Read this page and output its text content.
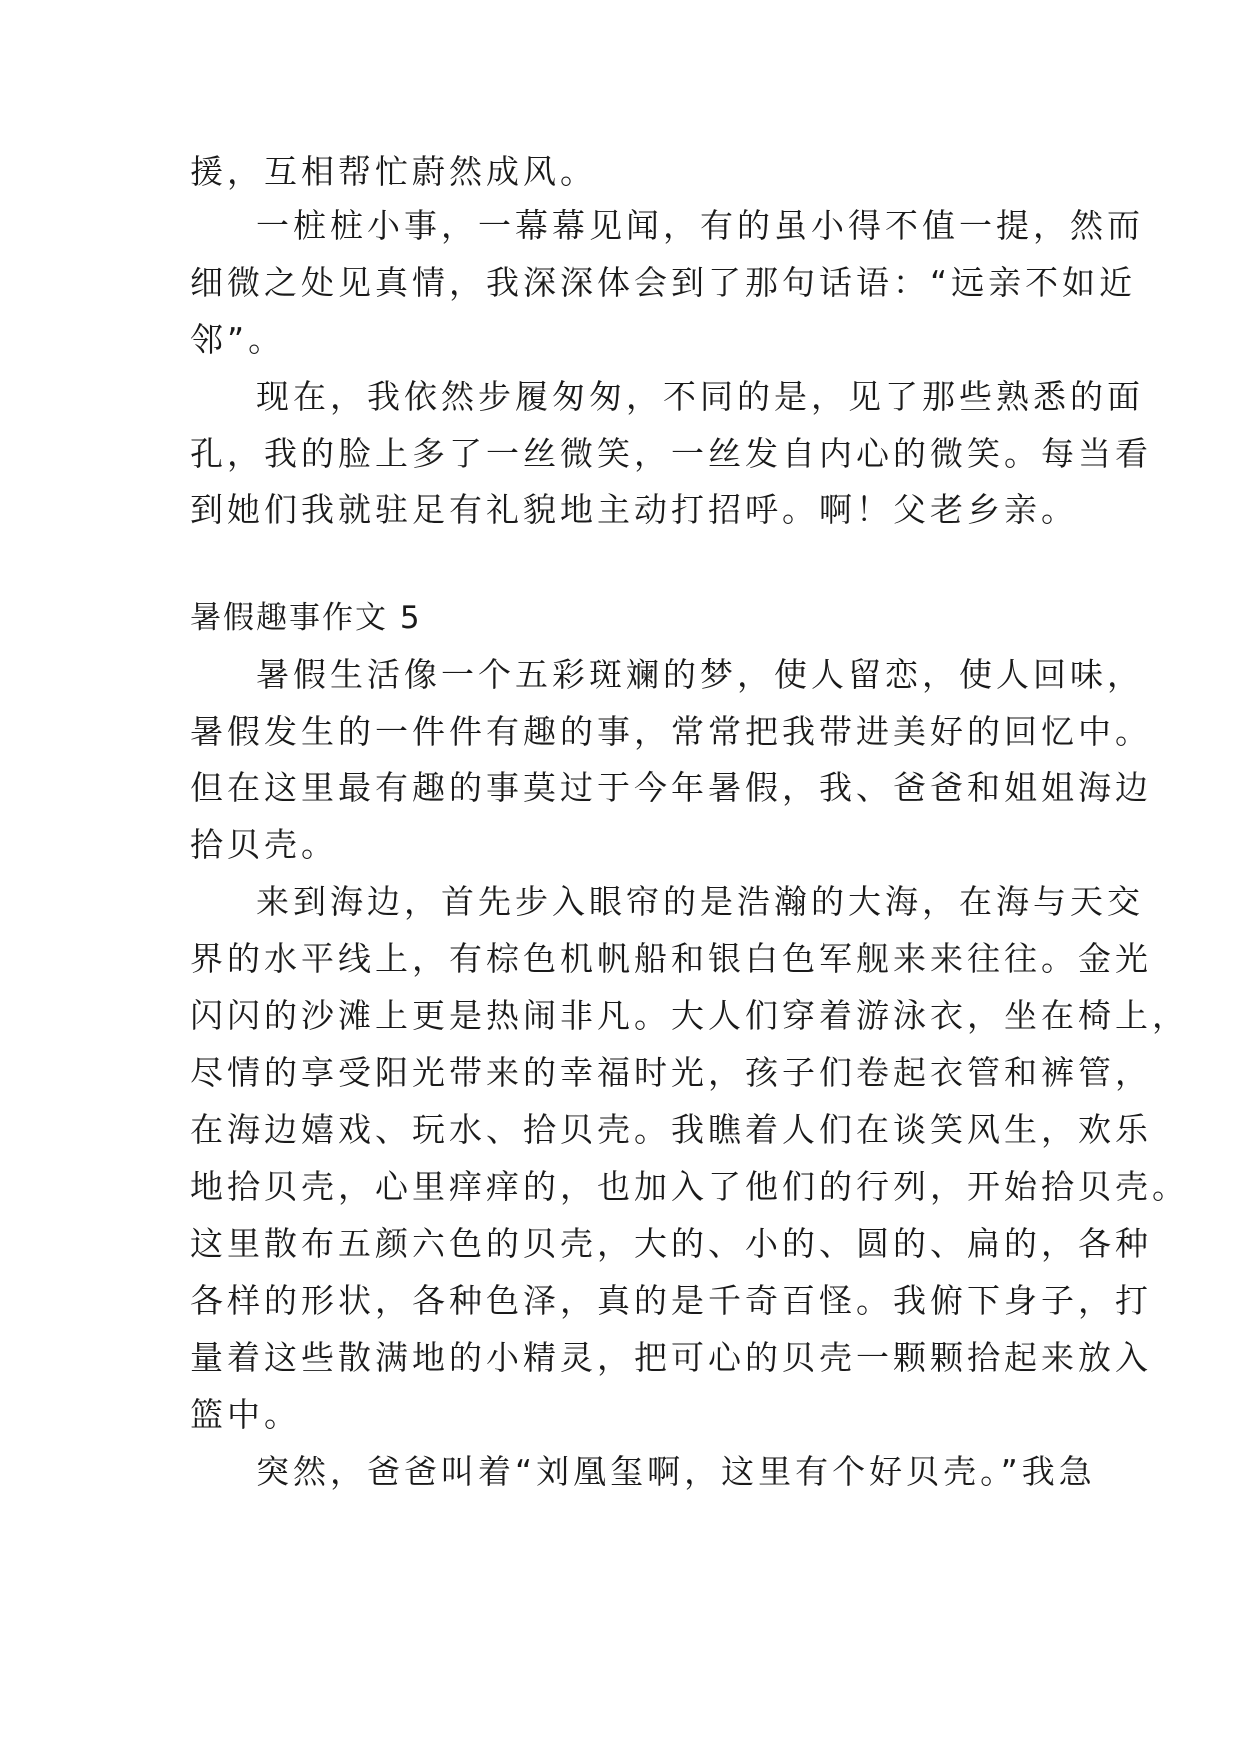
援，互相帮忙蔚然成风。

一桩桩小事，一幕幕见闻，有的虽小得不值一提，然而

细微之处见真情，我深深体会到了那句话语：“远亲不如近

邻”。

现在，我依然步履匆匆，不同的是，见了那些熟悉的面

孔，我的脸上多了一丝微笑，一丝发自内心的微笑。每当看

到她们我就驻足有礼貌地主动打招呼。啊！父老乡亲。

暑假趣事作文 5

暑假生活像一个五彩斑斓的梦，使人留恋，使人回味，

暑假发生的一件件有趣的事，常常把我带进美好的回忆中。

但在这里最有趣的事莫过于今年暑假，我、爸爸和姐姐海边

拾贝壳。

来到海边，首先步入眼帘的是浩瀚的大海，在海与天交

界的水平线上，有棕色机帆船和银白色军舰来来往往。金光

闪闪的沙滩上更是热闹非凡。大人们穿着游泳衣，坐在椅上，

尽情的享受阳光带来的幸福时光，孩子们卷起衣管和裤管，

在海边嬉戏、玩水、拾贝壳。我瞧着人们在谈笑风生，欢乐

地拾贝壳，心里痒痒的，也加入了他们的行列，开始拾贝壳。

这里散布五颜六色的贝壳，大的、小的、圆的、扁的，各种

各样的形状，各种色泽，真的是千奇百怪。我俯下身子，打

量着这些散满地的小精灵，把可心的贝壳一颗颗拾起来放入

篮中。

突然，爸爸叫着“刘凰玺啊，这里有个好贝壳。”我急
